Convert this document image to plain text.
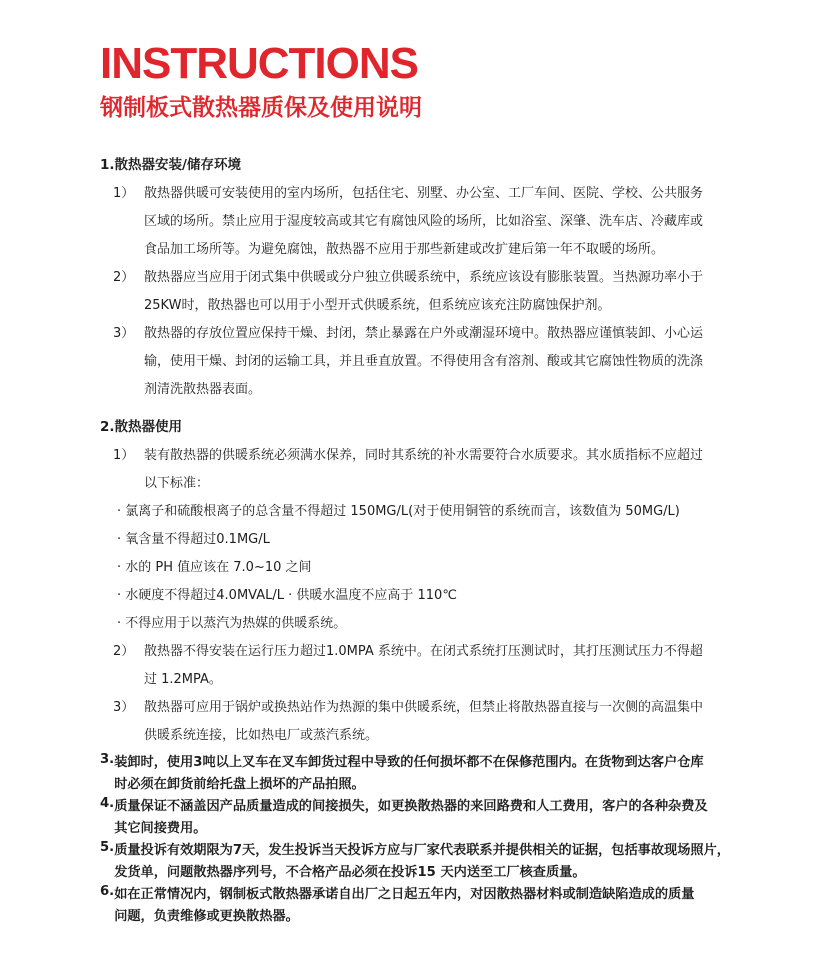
INSTRUCTIONS
钢制板式散热器质保及使用说明
1.散热器安装/储存环境
1） 散热器供暖可安装使用的室内场所，包括住宅、别墅、办公室、工厂车间、医院、学校、公共服务
区域的场所。禁止应用于湿度较高或其它有腐蚀风险的场所，比如浴室、深肇、洗车店、冷藏库或
食品加工场所等。为避免腐蚀，散热器不应用于那些新建或改扩建后第一年不取暖的场所。
2） 散热器应当应用于闭式集中供暖或分户独立供暖系统中，系统应该设有膨胀装置。当热源功率小于
25KW时，散热器也可以用于小型开式供暖系统，但系统应该充注防腐蚀保护剂。
3） 散热器的存放位置应保持干燥、封闭，禁止暴露在户外或潮湿环境中。散热器应谨慎装卸、小心运
输，使用干燥、封闭的运输工具，并且垂直放置。不得使用含有溶剂、酸或其它腐蚀性物质的洗涤
剂清洗散热器表面。
2.散热器使用
1） 装有散热器的供暖系统必须满水保养，同时其系统的补水需要符合水质要求。其水质指标不应超过
以下标准：
· 氯离子和硫酸根离子的总含量不得超过 150MG/L(对于使用铜管的系统而言，该数值为 50MG/L)
· 氧含量不得超过0.1MG/L
· 水的 PH 值应该在 7.0~10 之间
· 水硬度不得超过4.0MVAL/L · 供暖水温度不应高于 110℃
· 不得应用于以蒸汽为热媒的供暖系统。
2） 散热器不得安装在运行压力超过1.0MPA 系统中。在闭式系统打压测试时，其打压测试压力不得超
过 1.2MPA。
3） 散热器可应用于锅炉或换热站作为热源的集中供暖系统，但禁止将散热器直接与一次侧的高温集中
供暖系统连接，比如热电厂或蒸汽系统。
3. 装卸时，使用3吨以上叉车在叉车卸货过程中导致的任何损坏都不在保修范围内。在货物到达客户仓库
时必须在卸货前给托盘上损坏的产品拍照。
4. 质量保证不涵盖因产品质量造成的间接损失，如更换散热器的来回路费和人工费用，客户的各种杂费及
其它间接费用。
5. 质量投诉有效期限为7天，发生投诉当天投诉方应与厂家代表联系并提供相关的证据，包括事故现场照片，
发货单，问题散热器序列号，不合格产品必须在投诉15 天内送至工厂核查质量。
6. 如在正常情况内，钢制板式散热器承诺自出厂之日起五年内，对因散热器材料或制造缺陷造成的质量
问题，负责维修或更换散热器。
